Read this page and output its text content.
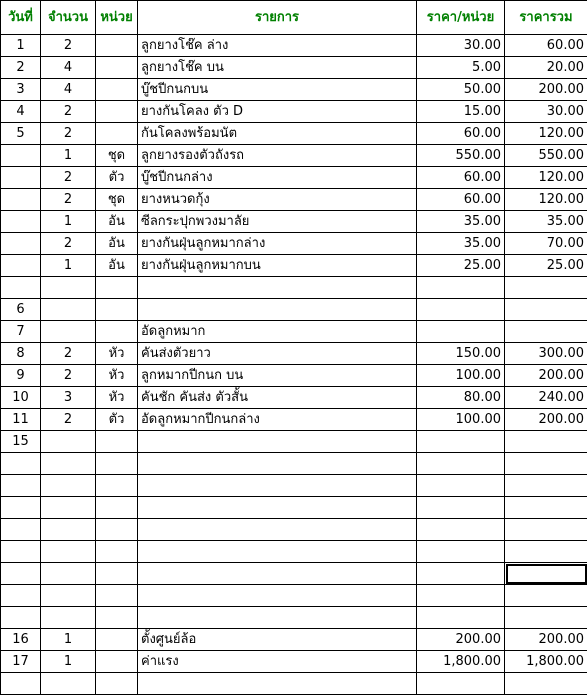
วันที่	จำนวน	หน่วย	รายการ	ราคา/หน่วย	ราคารวม
1	2		ลูกยางโช๊ค ล่าง	30.00	60.00
2	4		ลูกยางโช๊ค บน	5.00	20.00
3	4		บู๊ชปีกนกบน	50.00	200.00
4	2		ยางกันโคลง ตัว D	15.00	30.00
5	2		กันโคลงพร้อมนัต	60.00	120.00
	1	ชุด	ลูกยางรองตัวถังรถ	550.00	550.00
	2	ตัว	บู๊ชปีกนกล่าง	60.00	120.00
	2	ชุด	ยางหนวดกุ้ง	60.00	120.00
	1	อัน	ซีลกระปุกพวงมาลัย	35.00	35.00
	2	อัน	ยางกันฝุ่นลูกหมากล่าง	35.00	70.00
	1	อัน	ยางกันฝุ่นลูกหมากบน	25.00	25.00

6					
7			อัดลูกหมาก		
8	2	หัว	คันส่งตัวยาว	150.00	300.00
9	2	หัว	ลูกหมากปีกนก บน	100.00	200.00
10	3	หัว	คันชัก คันส่ง ตัวสั้น	80.00	240.00
11	2	ตัว	อัดลูกหมากปีกนกล่าง	100.00	200.00
15					

16	1		ตั้งศูนย์ล้อ	200.00	200.00
17	1		ค่าแรง	1,800.00	1,800.00
